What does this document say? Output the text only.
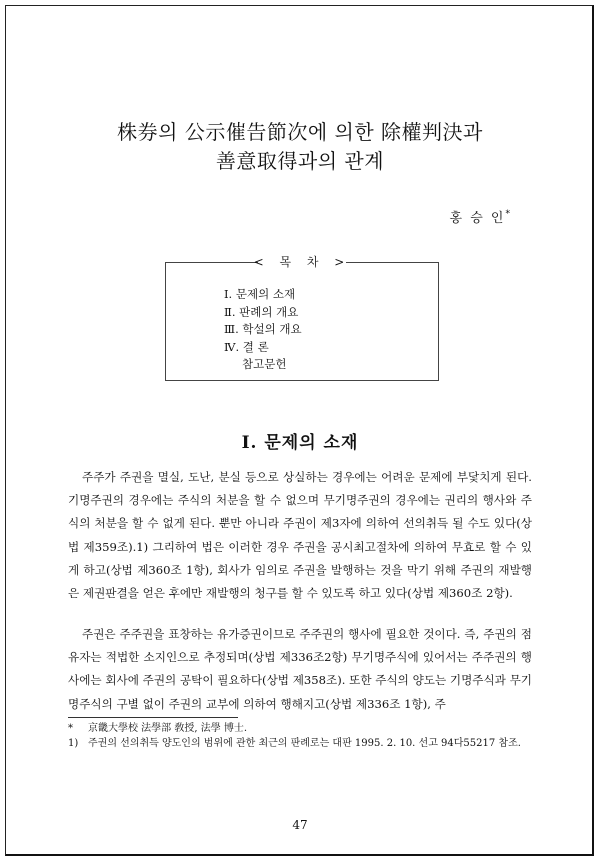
株券의 公示催告節次에 의한 除權判決과
善意取得과의 관계
홍 승 인*
< 목 차 >
Ⅰ. 문제의 소재
Ⅱ. 판례의 개요
Ⅲ. 학설의 개요
Ⅳ. 결 론
참고문헌
Ⅰ. 문제의 소재

주주가 주권을 멸실, 도난, 분실 등으로 상실하는 경우에는 어려운 문제에 부닻치게 된다. 기명주권의 경우에는 주식의 처분을 할 수 없으며 무기명주권의 경우에는 권리의 행사와 주식의 처분을 할 수 없게 된다. 뿐만 아니라 주권이 제3자에 의하여 선의취득 될 수도 있다(상법 제359조).1) 그리하여 법은 이러한 경우 주권을 공시최고절차에 의하여 무효로 할 수 있게 하고(상법 제360조 1항), 회사가 임의로 주권을 발행하는 것을 막기 위해 주권의 재발행은 제권판결을 얻은 후에만 재발행의 청구를 할 수 있도록 하고 있다(상법 제360조 2항).

주권은 주주권을 표창하는 유가증권이므로 주주권의 행사에 필요한 것이다. 즉, 주권의 점유자는 적법한 소지인으로 추정되며(상법 제336조2항) 무기명주식에 있어서는 주주권의 행사에는 회사에 주권의 공탁이 필요하다(상법 제358조). 또한 주식의 양도는 기명주식과 무기명주식의 구별 없이 주권의 교부에 의하여 행해지고(상법 제336조 1항), 주

*	京畿大學校 法學部 敎授, 法學 博士.
1) 주권의 선의취득 양도인의 범위에 관한 최근의 판례로는 대판 1995. 2. 10. 선고 94다55217 참조.
47
